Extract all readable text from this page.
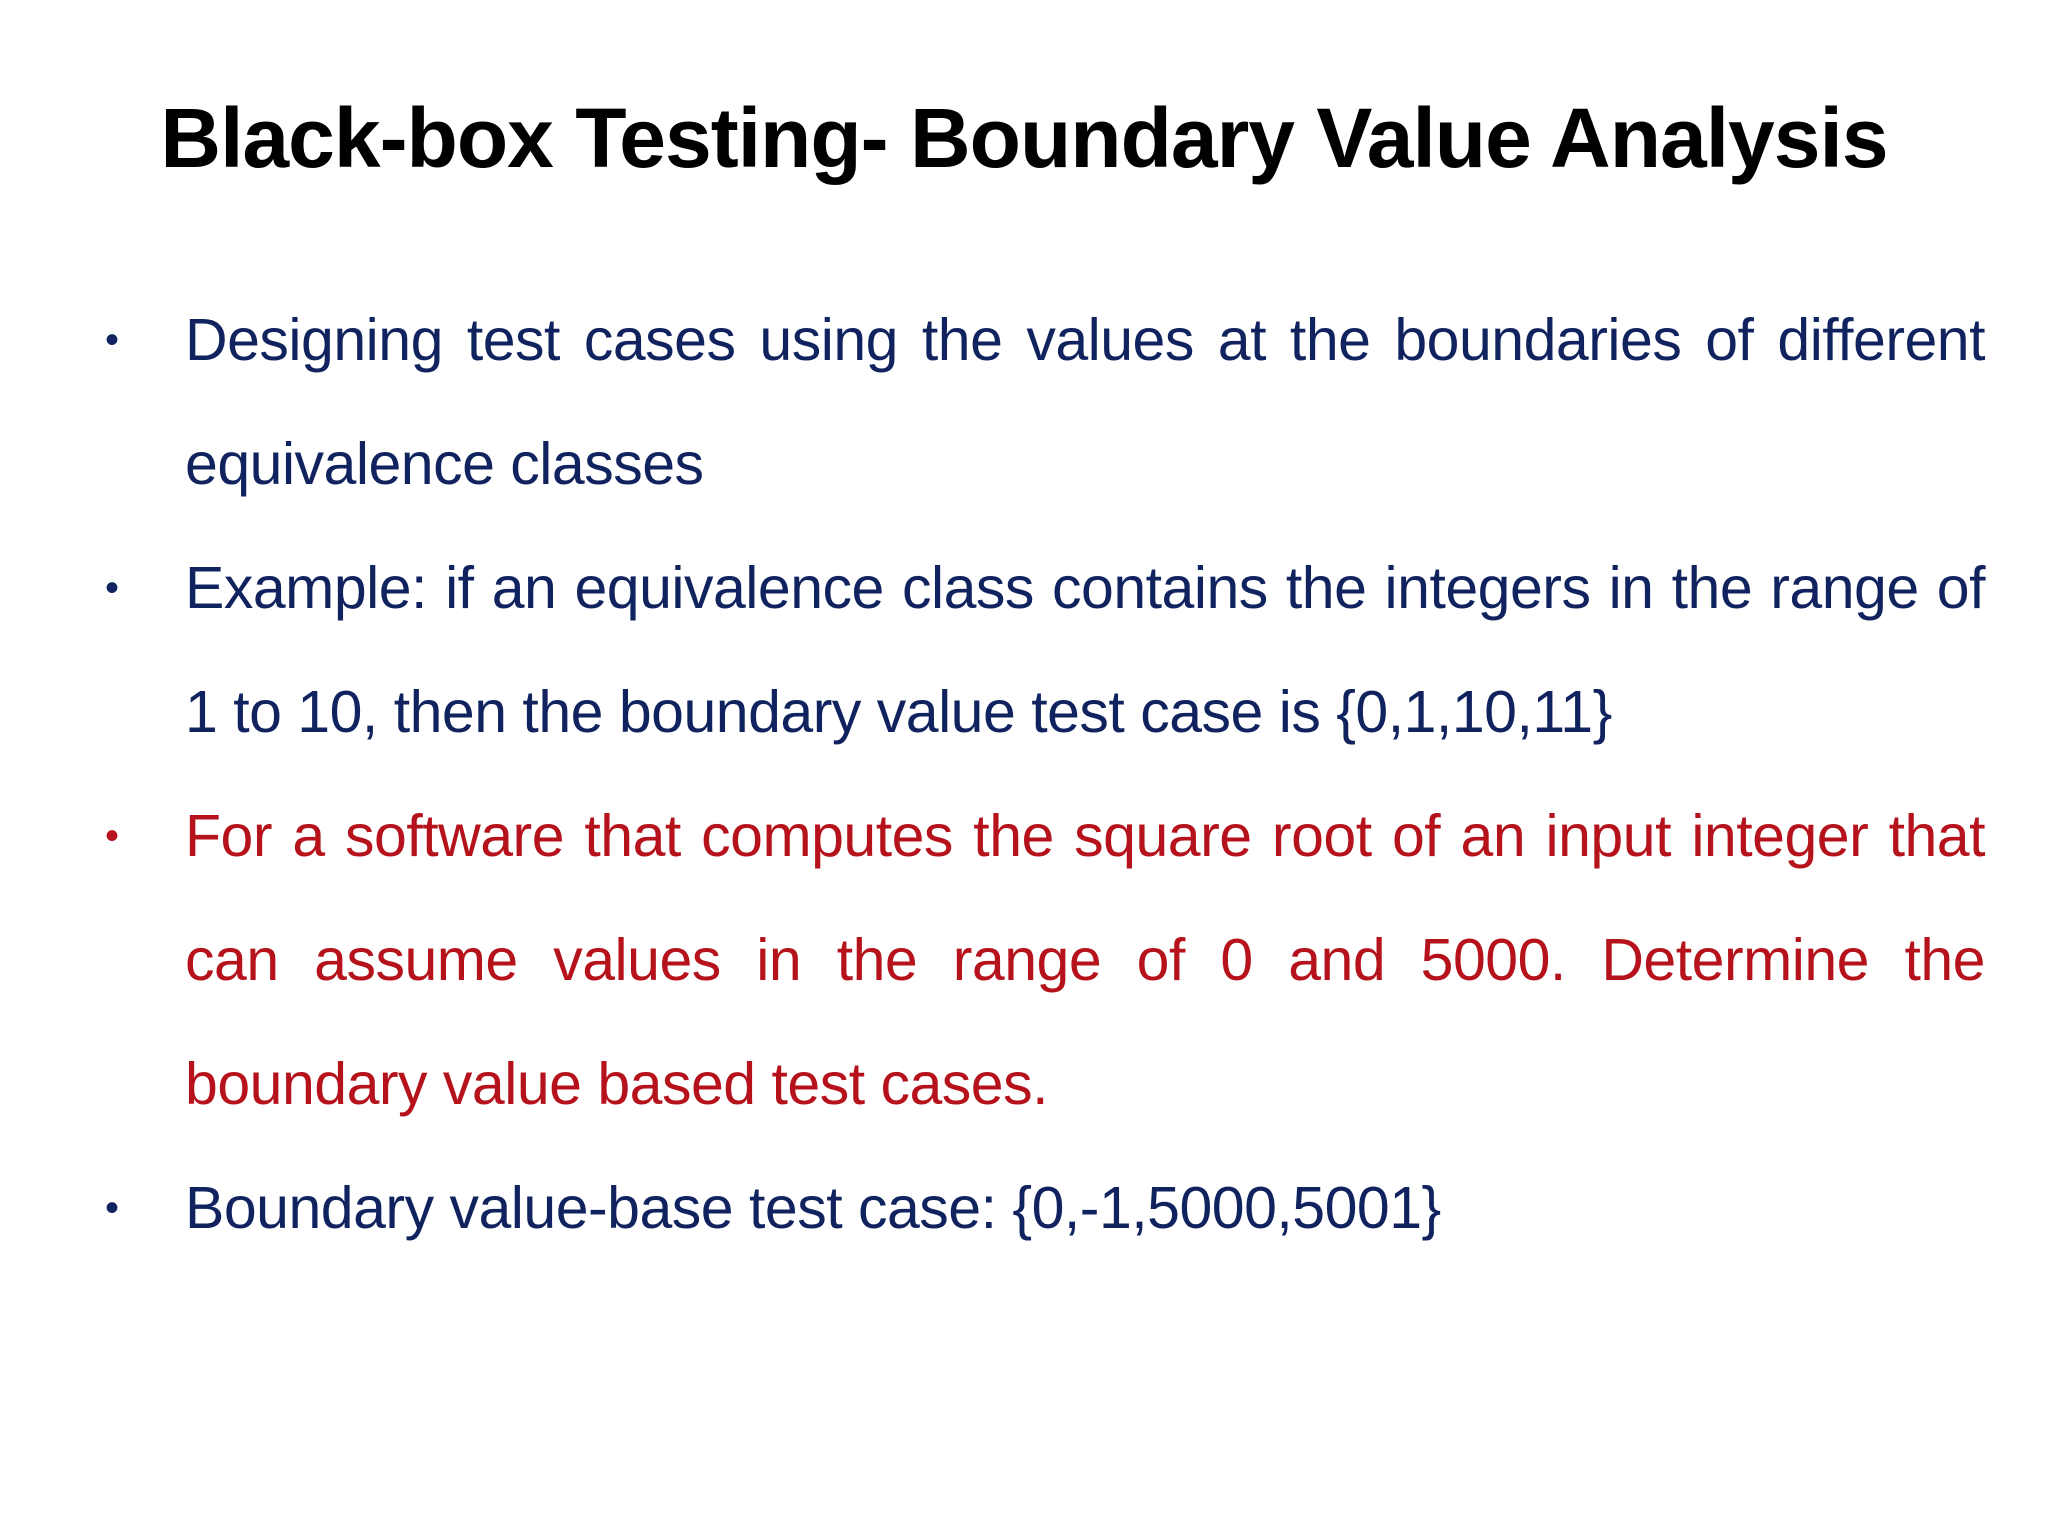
Black-box Testing- Boundary Value Analysis
• Designing test cases using the values at the boundaries of different equivalence classes
• Example: if an equivalence class contains the integers in the range of 1 to 10, then the boundary value test case is {0,1,10,11}
• For a software that computes the square root of an input integer that can assume values in the range of 0 and 5000. Determine the boundary value based test cases.
• Boundary value-base test case: {0,-1,5000,5001}
